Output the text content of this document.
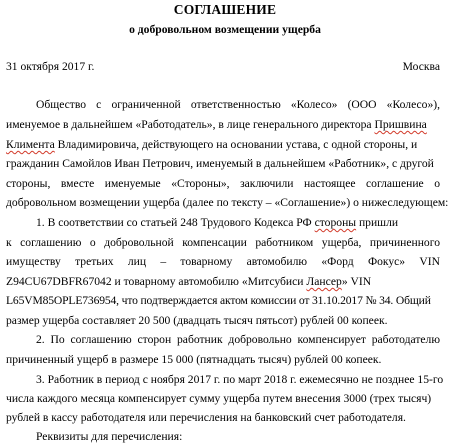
СОГЛАШЕНИЕ
о добровольном возмещении ущерба
31 октября 2017 г.	Москва
Общество с ограниченной ответственностью «Колесо» (ООО «Колесо»),
именуемое в дальнейшем «Работодатель», в лице генерального директора Пришвина
Климента Владимировича, действующего на основании устава, с одной стороны, и
гражданин Самойлов Иван Петрович, именуемый в дальнейшем «Работник», с другой
стороны, вместе именуемые «Стороны», заключили настоящее соглашение о
добровольном возмещении ущерба (далее по тексту – «Соглашение») о нижеследующем:
1. В соответствии со статьей 248 Трудового Кодекса РФ стороны пришли
к соглашению о добровольной компенсации работником ущерба, причиненного
имуществу третьих лиц – товарному автомобилю «Форд Фокус» VIN
Z94CU67DBFR67042 и товарному автомобилю «Митсубиси Лансер» VIN
L65VM85OPLE736954, что подтверждается актом комиссии от 31.10.2017 № 34. Общий
размер ущерба составляет 20 500 (двадцать тысяч пятьсот) рублей 00 копеек.
2. По соглашению сторон работник добровольно компенсирует работодателю
причиненный ущерб в размере 15 000 (пятнадцать тысяч) рублей 00 копеек.
3. Работник в период с ноября 2017 г. по март 2018 г. ежемесячно не позднее 15-го
числа каждого месяца компенсирует сумму ущерба путем внесения 3000 (трех тысяч)
рублей в кассу работодателя или перечисления на банковский счет работодателя.
Реквизиты для перечисления:
